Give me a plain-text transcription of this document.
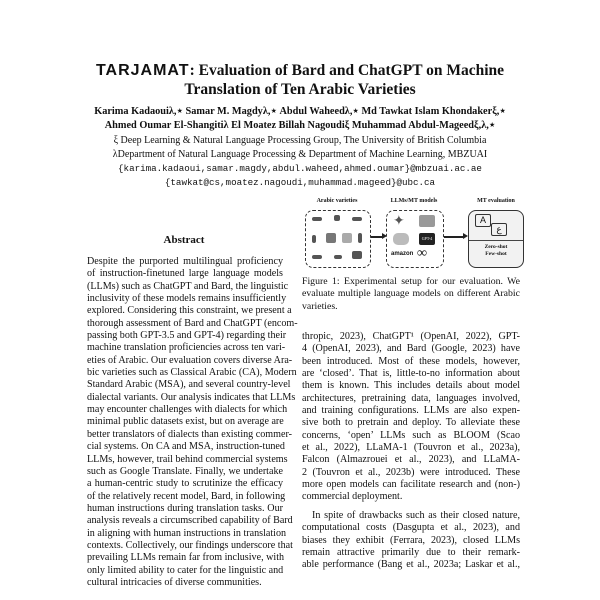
TARJAMAT: Evaluation of Bard and ChatGPT on Machine
Translation of Ten Arabic Varieties
Karima Kadaouiλ,⋆ Samar M. Magdyλ,⋆ Abdul Waheedλ,⋆ Md Tawkat Islam Khondakerξ,⋆
Ahmed Oumar El-Shangitiλ El Moatez Billah Nagoudiξ Muhammad Abdul-Mageedξ,λ,⋆
ξ Deep Learning & Natural Language Processing Group, The University of British Columbia
λDepartment of Natural Language Processing & Department of Machine Learning, MBZUAI
{karima.kadaoui,samar.magdy,abdul.waheed,ahmed.oumar}@mbzuai.ac.ae
{tawkat@cs,moatez.nagoudi,muhammad.mageed}@ubc.ca
Abstract
Despite the purported multilingual proficiency
of instruction-finetuned large language models
(LLMs) such as ChatGPT and Bard, the linguistic
inclusivity of these models remains insufficiently
explored. Considering this constraint, we present a
thorough assessment of Bard and ChatGPT (encom-
passing both GPT-3.5 and GPT-4) regarding their
machine translation proficiencies across ten vari-
eties of Arabic. Our evaluation covers diverse Ara-
bic varieties such as Classical Arabic (CA), Modern
Standard Arabic (MSA), and several country-level
dialectal variants. Our analysis indicates that LLMs
may encounter challenges with dialects for which
minimal public datasets exist, but on average are
better translators of dialects than existing commer-
cial systems. On CA and MSA, instruction-tuned
LLMs, however, trail behind commercial systems
such as Google Translate. Finally, we undertake
a human-centric study to scrutinize the efficacy
of the relatively recent model, Bard, in following
human instructions during translation tasks. Our
analysis reveals a circumscribed capability of Bard
in aligning with human instructions in translation
contexts. Collectively, our findings underscore that
prevailing LLMs remain far from inclusive, with
only limited ability to cater for the linguistic and
cultural intricacies of diverse communities.
Arabic varieties	LLMs/MT models	MT evaluation
✦
GPT-4
amazon ∞
A
ع
Zero-shot
Few-shot
Figure 1: Experimental setup for our evaluation. We
evaluate multiple language models on different Arabic
varieties.
thropic, 2023), ChatGPT¹ (OpenAI, 2022), GPT-
4 (OpenAI, 2023), and Bard (Google, 2023) have
been introduced. Most of these models, however,
are ‘closed’. That is, little-to-no information about
them is known. This includes details about model
architectures, pretraining data, languages involved,
and training configurations. LLMs are also expen-
sive both to pretrain and deploy. To alleviate these
concerns, ‘open’ LLMs such as BLOOM (Scao
et al., 2022), LLaMA-1 (Touvron et al., 2023a),
Falcon (Almazrouei et al., 2023), and LLaMA-
2 (Touvron et al., 2023b) were introduced. These
more open models can facilitate research and (non-)
commercial deployment.
In spite of drawbacks such as their closed nature,
computational costs (Dasgupta et al., 2023), and
biases they exhibit (Ferrara, 2023), closed LLMs
remain attractive primarily due to their remark-
able performance (Bang et al., 2023a; Laskar et al.,
